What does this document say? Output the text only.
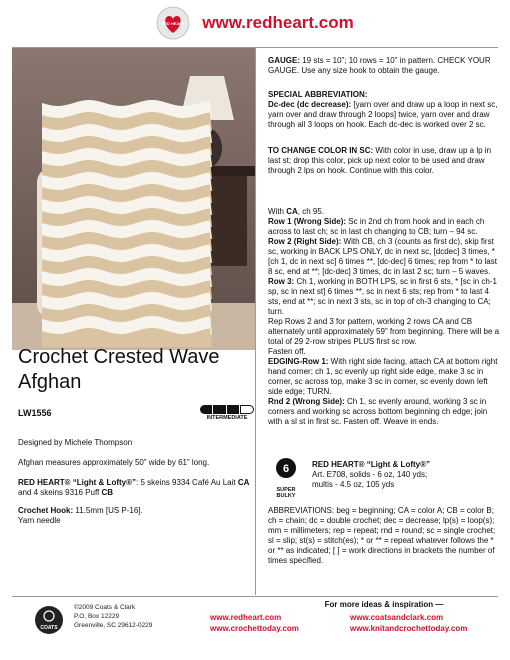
RED HEART www.redheart.com
Crochet Crested Wave Afghan
LW1556	INTERMEDIATE
Designed by Michele Thompson
Afghan measures approximately 50” wide by 61” long.
RED HEART® “Light & Lofty®”: 5 skeins 9334 Café Au Lait CA and 4 skeins 9316 Puff CB
Crochet Hook: 11.5mm [US P-16].
Yarn needle
GAUGE: 19 sts = 10”; 10 rows = 10” in pattern. CHECK YOUR GAUGE. Use any size hook to obtain the gauge.
SPECIAL ABBREVIATION:
Dc-dec (dc decrease): [yarn over and draw up a loop in next sc, yarn over and draw through 2 loops] twice, yarn over and draw through all 3 loops on hook. Each dc-dec is worked over 2 sc.
TO CHANGE COLOR IN SC: With color in use, draw up a lp in last st; drop this color, pick up next color to be used and draw through 2 lps on hook. Continue with this color.
With CA, ch 95.
Row 1 (Wrong Side): Sc in 2nd ch from hook and in each ch across to last ch; sc in last ch changing to CB; turn – 94 sc.
Row 2 (Right Side): With CB, ch 3 (counts as first dc), skip first sc, working in BACK LPS ONLY, dc in next sc, [dcdec] 3 times, * [ch 1, dc in next sc] 6 times **, [dc-dec] 6 times; rep from * to last 8 sc, end at **; [dc-dec] 3 times, dc in last 2 sc; turn – 5 waves.
Row 3: Ch 1, working in BOTH LPS, sc in first 6 sts, * [sc in ch-1 sp, sc in next st] 6 times **, sc in next 6 sts; rep from * to last 4 sts, end at **; sc in next 3 sts, sc in top of ch-3 changing to CA; turn.
Rep Rows 2 and 3 for pattern, working 2 rows CA and CB alternately until approximately 59” from beginning. There will be a total of 29 2-row stripes PLUS first sc row.
Fasten off.
EDGING-Row 1: With right side facing, attach CA at bottom right hand corner; ch 1, sc evenly up right side edge, make 3 sc in corner, sc across top, make 3 sc in corner, sc evenly down left side edge; TURN.
Rnd 2 (Wrong Side): Ch 1, sc evenly around, working 3 sc in corners and working sc across bottom beginning ch edge; join with a sl st in first sc. Fasten off. Weave in ends.
6
SUPER BULKY
RED HEART® “Light & Lofty®”
Art. E708, solids - 6 oz, 140 yds;
multis - 4.5 oz, 105 yds
ABBREVIATIONS: beg = beginning; CA = color A; CB = color B; ch = chain; dc = double crochet; dec = decrease; lp(s) = loop(s); mm = millimeters; rep = repeat; rnd = round; sc = single crochet; sl = slip; st(s) = stitch(es); * or ** = repeat whatever follows the * or ** as indicated; [ ] = work directions in brackets the number of times specified.
COATS
©2009 Coats & Clark
P.O. Box 12229
Greenville, SC 29612-0229
For more ideas & inspiration —
www.redheart.com	www.coatsandclark.com
www.crochettoday.com	www.knitandcrochettoday.com
